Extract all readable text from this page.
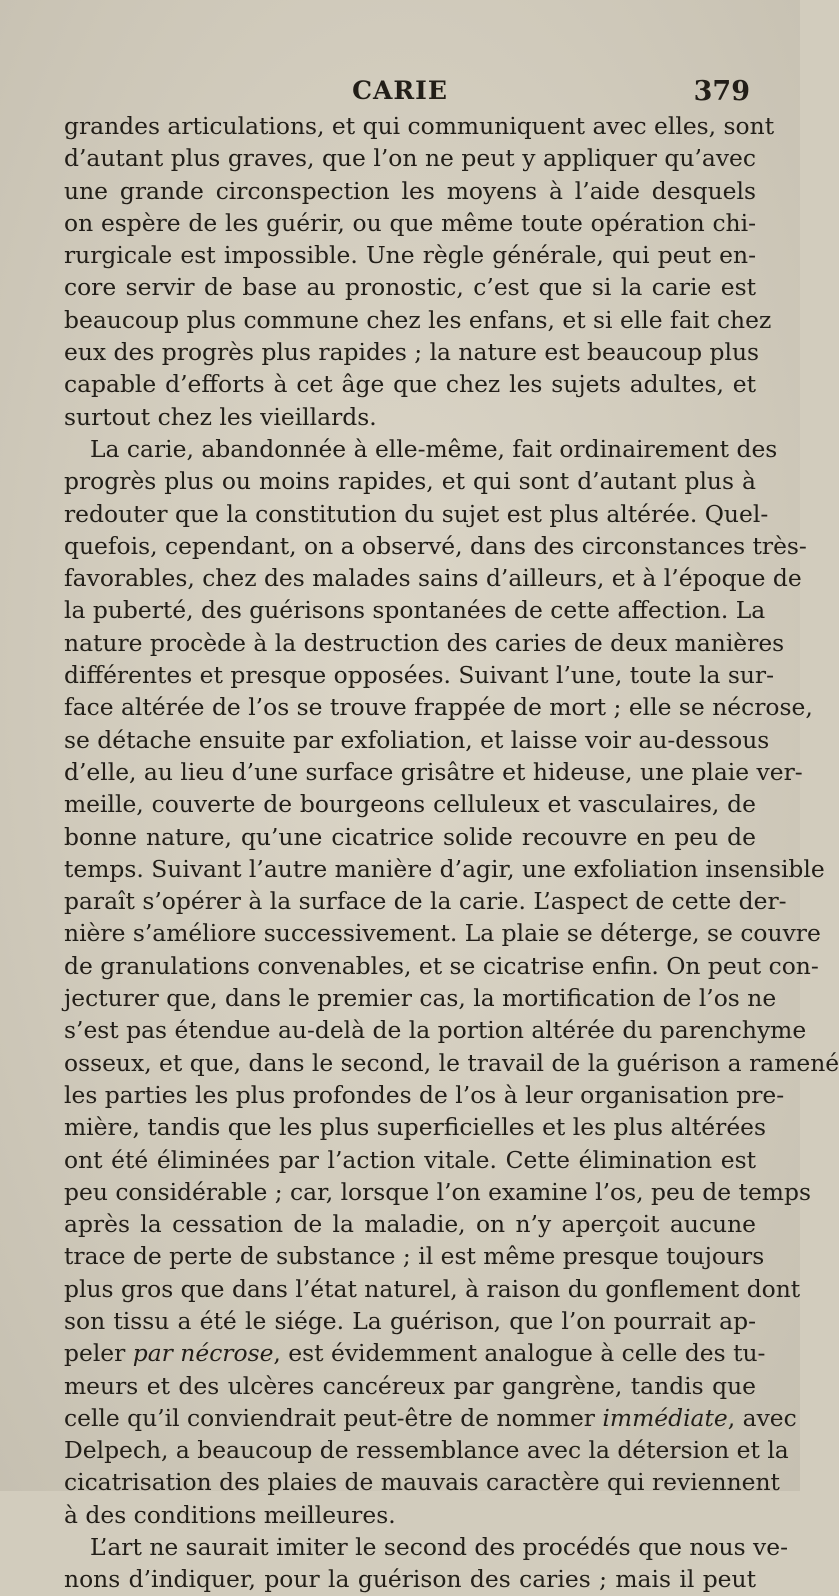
CARIE	379
grandes articulations, et qui communiquent avec elles, sont
d’autant plus graves, que l’on ne peut y appliquer qu’avec
une grande circonspection les moyens à l’aide desquels
on espère de les guérir, ou que même toute opération chi-
rurgicale est impossible. Une règle générale, qui peut en-
core servir de base au pronostic, c’est que si la carie est
beaucoup plus commune chez les enfans, et si elle fait chez
eux des progrès plus rapides ; la nature est beaucoup plus
capable d’efforts à cet âge que chez les sujets adultes, et
surtout chez les vieillards.
La carie, abandonnée à elle-même, fait ordinairement des
progrès plus ou moins rapides, et qui sont d’autant plus à
redouter que la constitution du sujet est plus altérée. Quel-
quefois, cependant, on a observé, dans des circonstances très-
favorables, chez des malades sains d’ailleurs, et à l’époque de
la puberté, des guérisons spontanées de cette affection. La
nature procède à la destruction des caries de deux manières
différentes et presque opposées. Suivant l’une, toute la sur-
face altérée de l’os se trouve frappée de mort ; elle se nécrose,
se détache ensuite par exfoliation, et laisse voir au-dessous
d’elle, au lieu d’une surface grisâtre et hideuse, une plaie ver-
meille, couverte de bourgeons celluleux et vasculaires, de
bonne nature, qu’une cicatrice solide recouvre en peu de
temps. Suivant l’autre manière d’agir, une exfoliation insensible
paraît s’opérer à la surface de la carie. L’aspect de cette der-
nière s’améliore successivement. La plaie se déterge, se couvre
de granulations convenables, et se cicatrise enfin. On peut con-
jecturer que, dans le premier cas, la mortification de l’os ne
s’est pas étendue au-delà de la portion altérée du parenchyme
osseux, et que, dans le second, le travail de la guérison a ramené
les parties les plus profondes de l’os à leur organisation pre-
mière, tandis que les plus superficielles et les plus altérées
ont été éliminées par l’action vitale. Cette élimination est
peu considérable ; car, lorsque l’on examine l’os, peu de temps
après la cessation de la maladie, on n’y aperçoit aucune
trace de perte de substance ; il est même presque toujours
plus gros que dans l’état naturel, à raison du gonflement dont
son tissu a été le siége. La guérison, que l’on pourrait ap-
peler par nécrose, est évidemment analogue à celle des tu-
meurs et des ulcères cancéreux par gangrène, tandis que
celle qu’il conviendrait peut-être de nommer immédiate, avec
Delpech, a beaucoup de ressemblance avec la détersion et la
cicatrisation des plaies de mauvais caractère qui reviennent
à des conditions meilleures.
L’art ne saurait imiter le second des procédés que nous ve-
nons d’indiquer, pour la guérison des caries ; mais il peut
